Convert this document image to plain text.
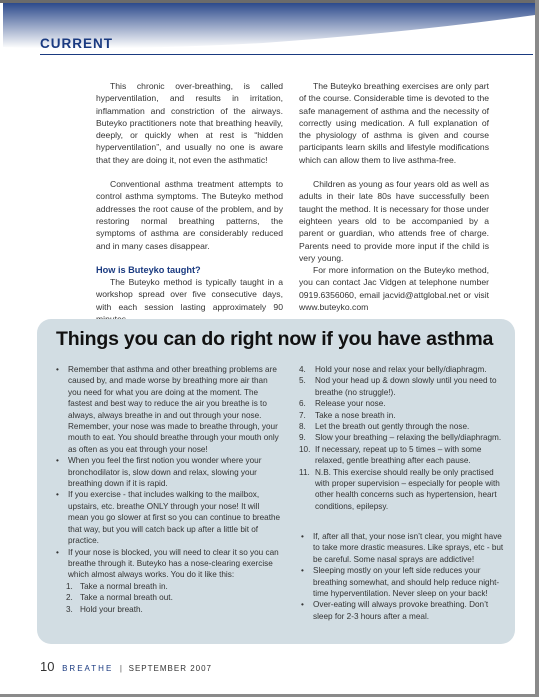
CURRENT

This chronic over-breathing, is called hyperventilation, and results in irritation, inflammation and constriction of the airways. Buteyko practitioners note that breathing heavily, deeply, or quickly when at rest is “hidden hyperventilation”, and usually no one is aware that they are doing it, not even the asthmatic!

Conventional asthma treatment attempts to control asthma symptoms. The Buteyko method addresses the root cause of the problem, and by restoring normal breathing patterns, the symptoms of asthma are considerably reduced and in many cases disappear.

How is Buteyko taught?

The Buteyko method is typically taught in a workshop spread over five consecutive days, with each session lasting approximately 90

The Buteyko breathing exercises are only part of the course. Considerable time is devoted to the safe management of asthma and the necessity of correctly using medication. A full explanation of the physiology of asthma is given and course participants learn skills and lifestyle modifications which can allow them to live asthma-free.

Children as young as four years old as well as adults in their late 80s have successfully been taught the method. It is necessary for those under eighteen years old to be accompanied by a parent or guardian, who attends free of charge. Parents need to provide more input if the child is very young.

For more information on the Buteyko method, you can contact Jac Vidgen at telephone number 0919.6356060, email jacvid@attglobal.net or visit www.buteyko.com

Things you can do right now if you have asthma
• Remember that asthma and other breathing problems are caused by, and made worse by breathing more air than you need for what you are doing at the moment. The fastest and best way to reduce the air you breathe is to always, always breathe in and out through your nose. Remember, your nose was made to breathe through, your mouth to eat. You should breathe through your mouth only as often as you eat through your nose!
• When you feel the first notion you wonder where your bronchodilator is, slow down and relax, slowing your breathing down if it is rapid.
• If you exercise - that includes walking to the mailbox, upstairs, etc. breathe ONLY through your nose! It will mean you go slower at first so you can continue to breathe that way, but you will catch back up after a little bit of practice.
• If your nose is blocked, you will need to clear it so you can breathe through it. Buteyko has a nose-clearing exercise which almost always works. You do it like this:
1. Take a normal breath in.
2. Take a normal breath out.
3. Hold your breath.
4. Hold your nose and relax your belly/diaphragm.
5. Nod your head up & down slowly until you need to breathe (no struggle!).
6. Release your nose.
7. Take a nose breath in.
8. Let the breath out gently through the nose.
9. Slow your breathing – relaxing the belly/diaphragm.
10. If necessary, repeat up to 5 times – with some relaxed, gentle breathing after each pause.
11. N.B. This exercise should really be only practised with proper supervision – especially for people with other health concerns such as hypertension, heart conditions, epilepsy.
• If, after all that, your nose isn’t clear, you might have to take more drastic measures. Like sprays, etc - but be careful. Some nasal sprays are addictive!
• Sleeping mostly on your left side reduces your breathing somewhat, and should help reduce night-time hyperventilation. Never sleep on your back!
• Over-eating will always provoke breathing. Don’t sleep for 2-3 hours after a meal.
10 BREATHE | SEPTEMBER 2007
